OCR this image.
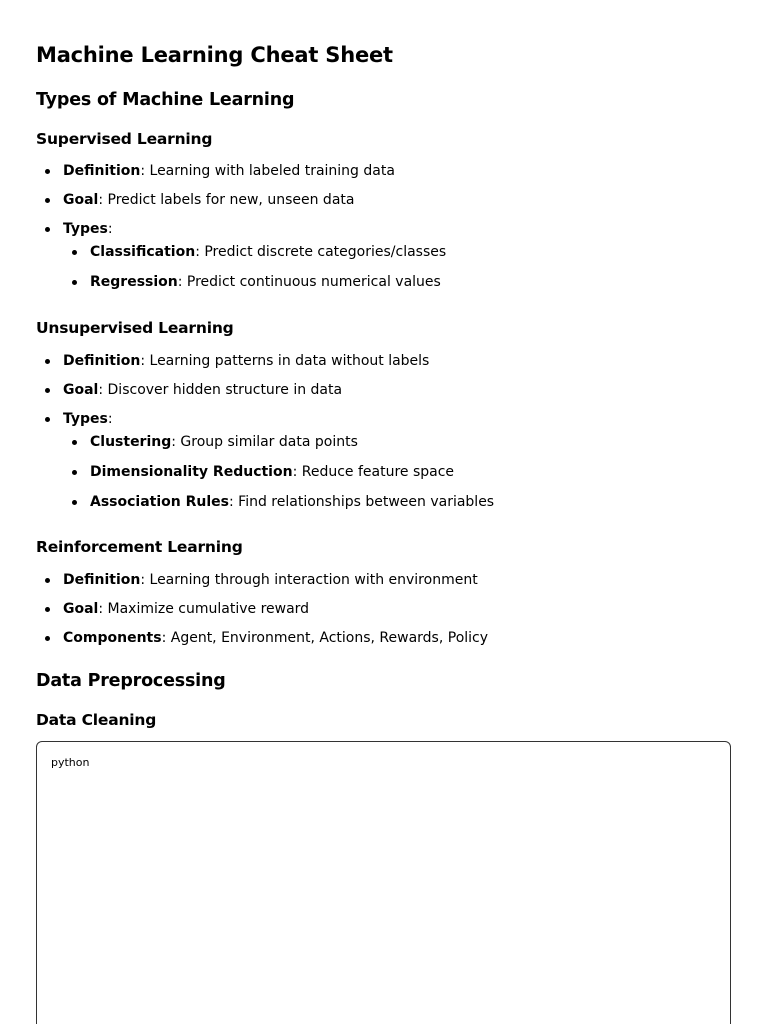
Machine Learning Cheat Sheet
Types of Machine Learning
Supervised Learning
Definition: Learning with labeled training data
Goal: Predict labels for new, unseen data
Types:
Classification: Predict discrete categories/classes
Regression: Predict continuous numerical values
Unsupervised Learning
Definition: Learning patterns in data without labels
Goal: Discover hidden structure in data
Types:
Clustering: Group similar data points
Dimensionality Reduction: Reduce feature space
Association Rules: Find relationships between variables
Reinforcement Learning
Definition: Learning through interaction with environment
Goal: Maximize cumulative reward
Components: Agent, Environment, Actions, Rewards, Policy
Data Preprocessing
Data Cleaning
python
